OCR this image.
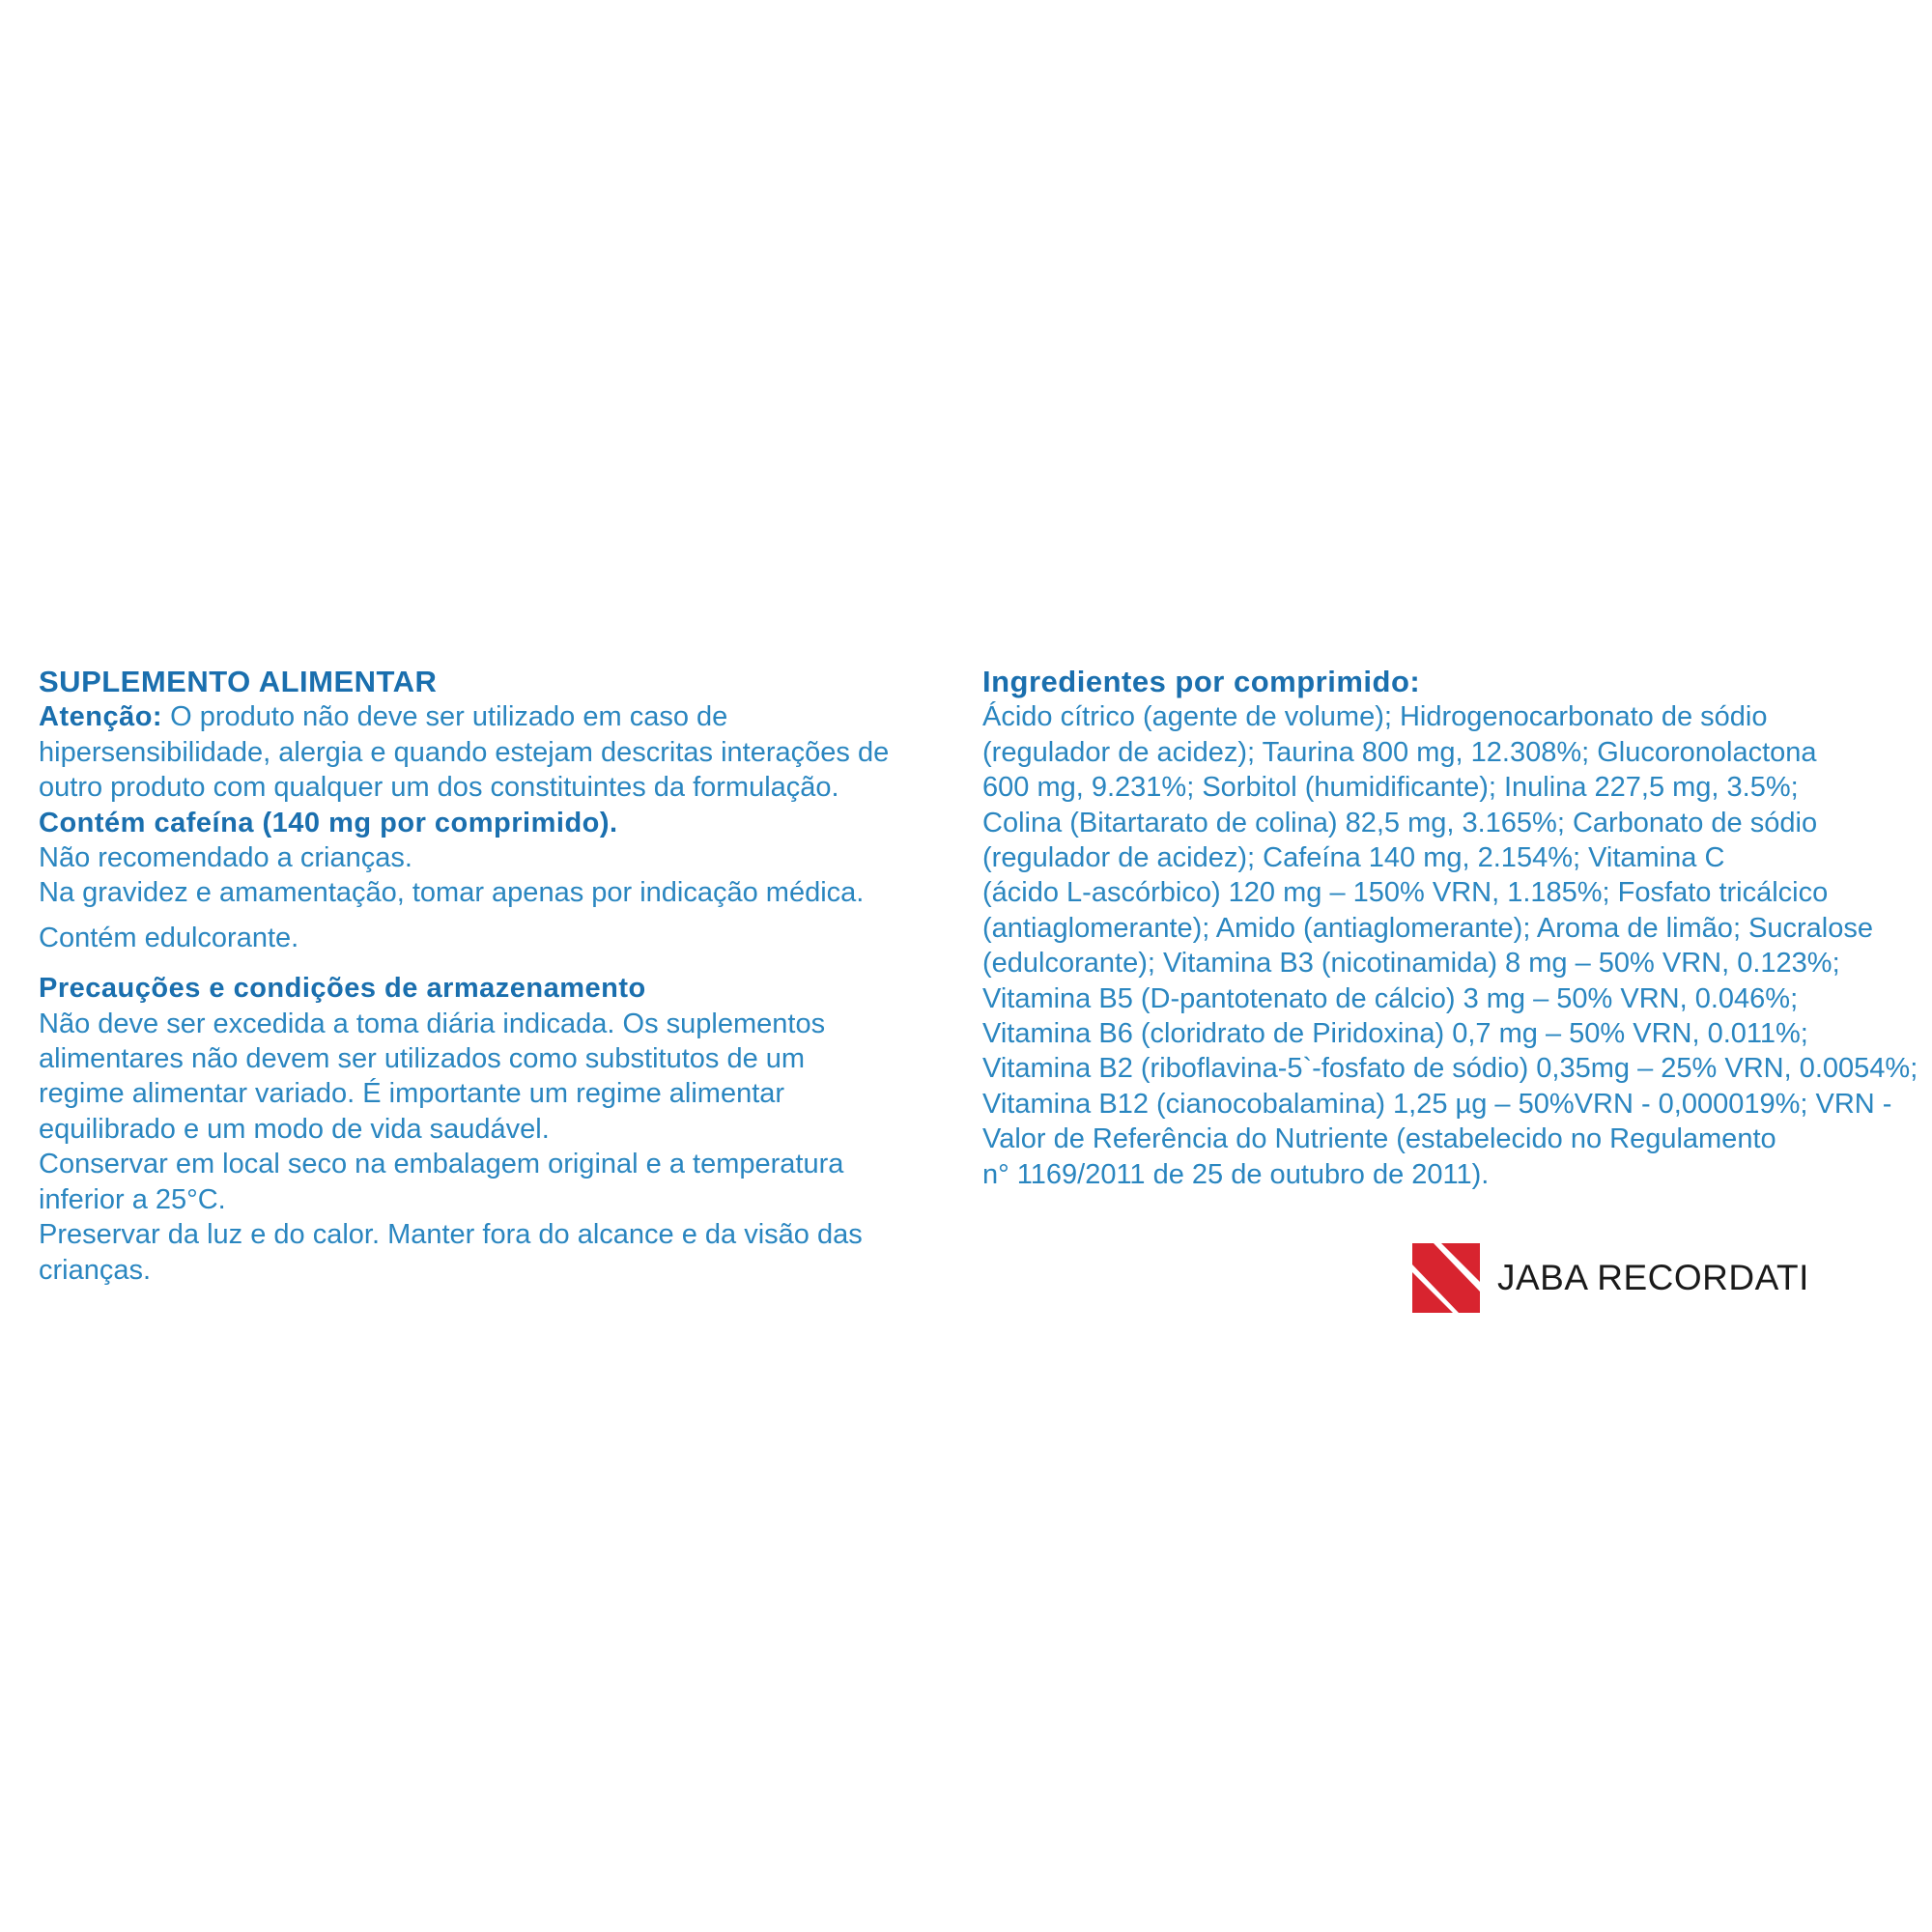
SUPLEMENTO ALIMENTAR

Atenção: O produto não deve ser utilizado em caso de

hipersensibilidade, alergia e quando estejam descritas interações de

outro produto com qualquer um dos constituintes da formulação.

Contém cafeína (140 mg por comprimido).

Não recomendado a crianças.

Na gravidez e amamentação, tomar apenas por indicação médica.

Contém edulcorante.

Precauções e condições de armazenamento

Não deve ser excedida a toma diária indicada. Os suplementos

alimentares não devem ser utilizados como substitutos de um

regime alimentar variado. É importante um regime alimentar

equilibrado e um modo de vida saudável.

Conservar em local seco na embalagem original e a temperatura

inferior a 25°C.

Preservar da luz e do calor. Manter fora do alcance e da visão das

crianças.

Ingredientes por comprimido:

Ácido cítrico (agente de volume); Hidrogenocarbonato de sódio

(regulador de acidez); Taurina 800 mg, 12.308%; Glucoronolactona

600 mg, 9.231%; Sorbitol (humidificante); Inulina 227,5 mg, 3.5%;

Colina (Bitartarato de colina) 82,5 mg, 3.165%; Carbonato de sódio

(regulador de acidez); Cafeína 140 mg, 2.154%; Vitamina C

(ácido L-ascórbico) 120 mg – 150% VRN, 1.185%; Fosfato tricálcico

(antiaglomerante); Amido (antiaglomerante); Aroma de limão; Sucralose

(edulcorante); Vitamina B3 (nicotinamida) 8 mg – 50% VRN, 0.123%;

Vitamina B5 (D-pantotenato de cálcio) 3 mg – 50% VRN, 0.046%;

Vitamina B6 (cloridrato de Piridoxina) 0,7 mg – 50% VRN, 0.011%;

Vitamina B2 (riboflavina-5`-fosfato de sódio) 0,35mg – 25% VRN, 0.0054%;

Vitamina B12 (cianocobalamina) 1,25 µg – 50%VRN - 0,000019%; VRN -

Valor de Referência do Nutriente (estabelecido no Regulamento

n° 1169/2011 de 25 de outubro de 2011).

JABA RECORDATI
